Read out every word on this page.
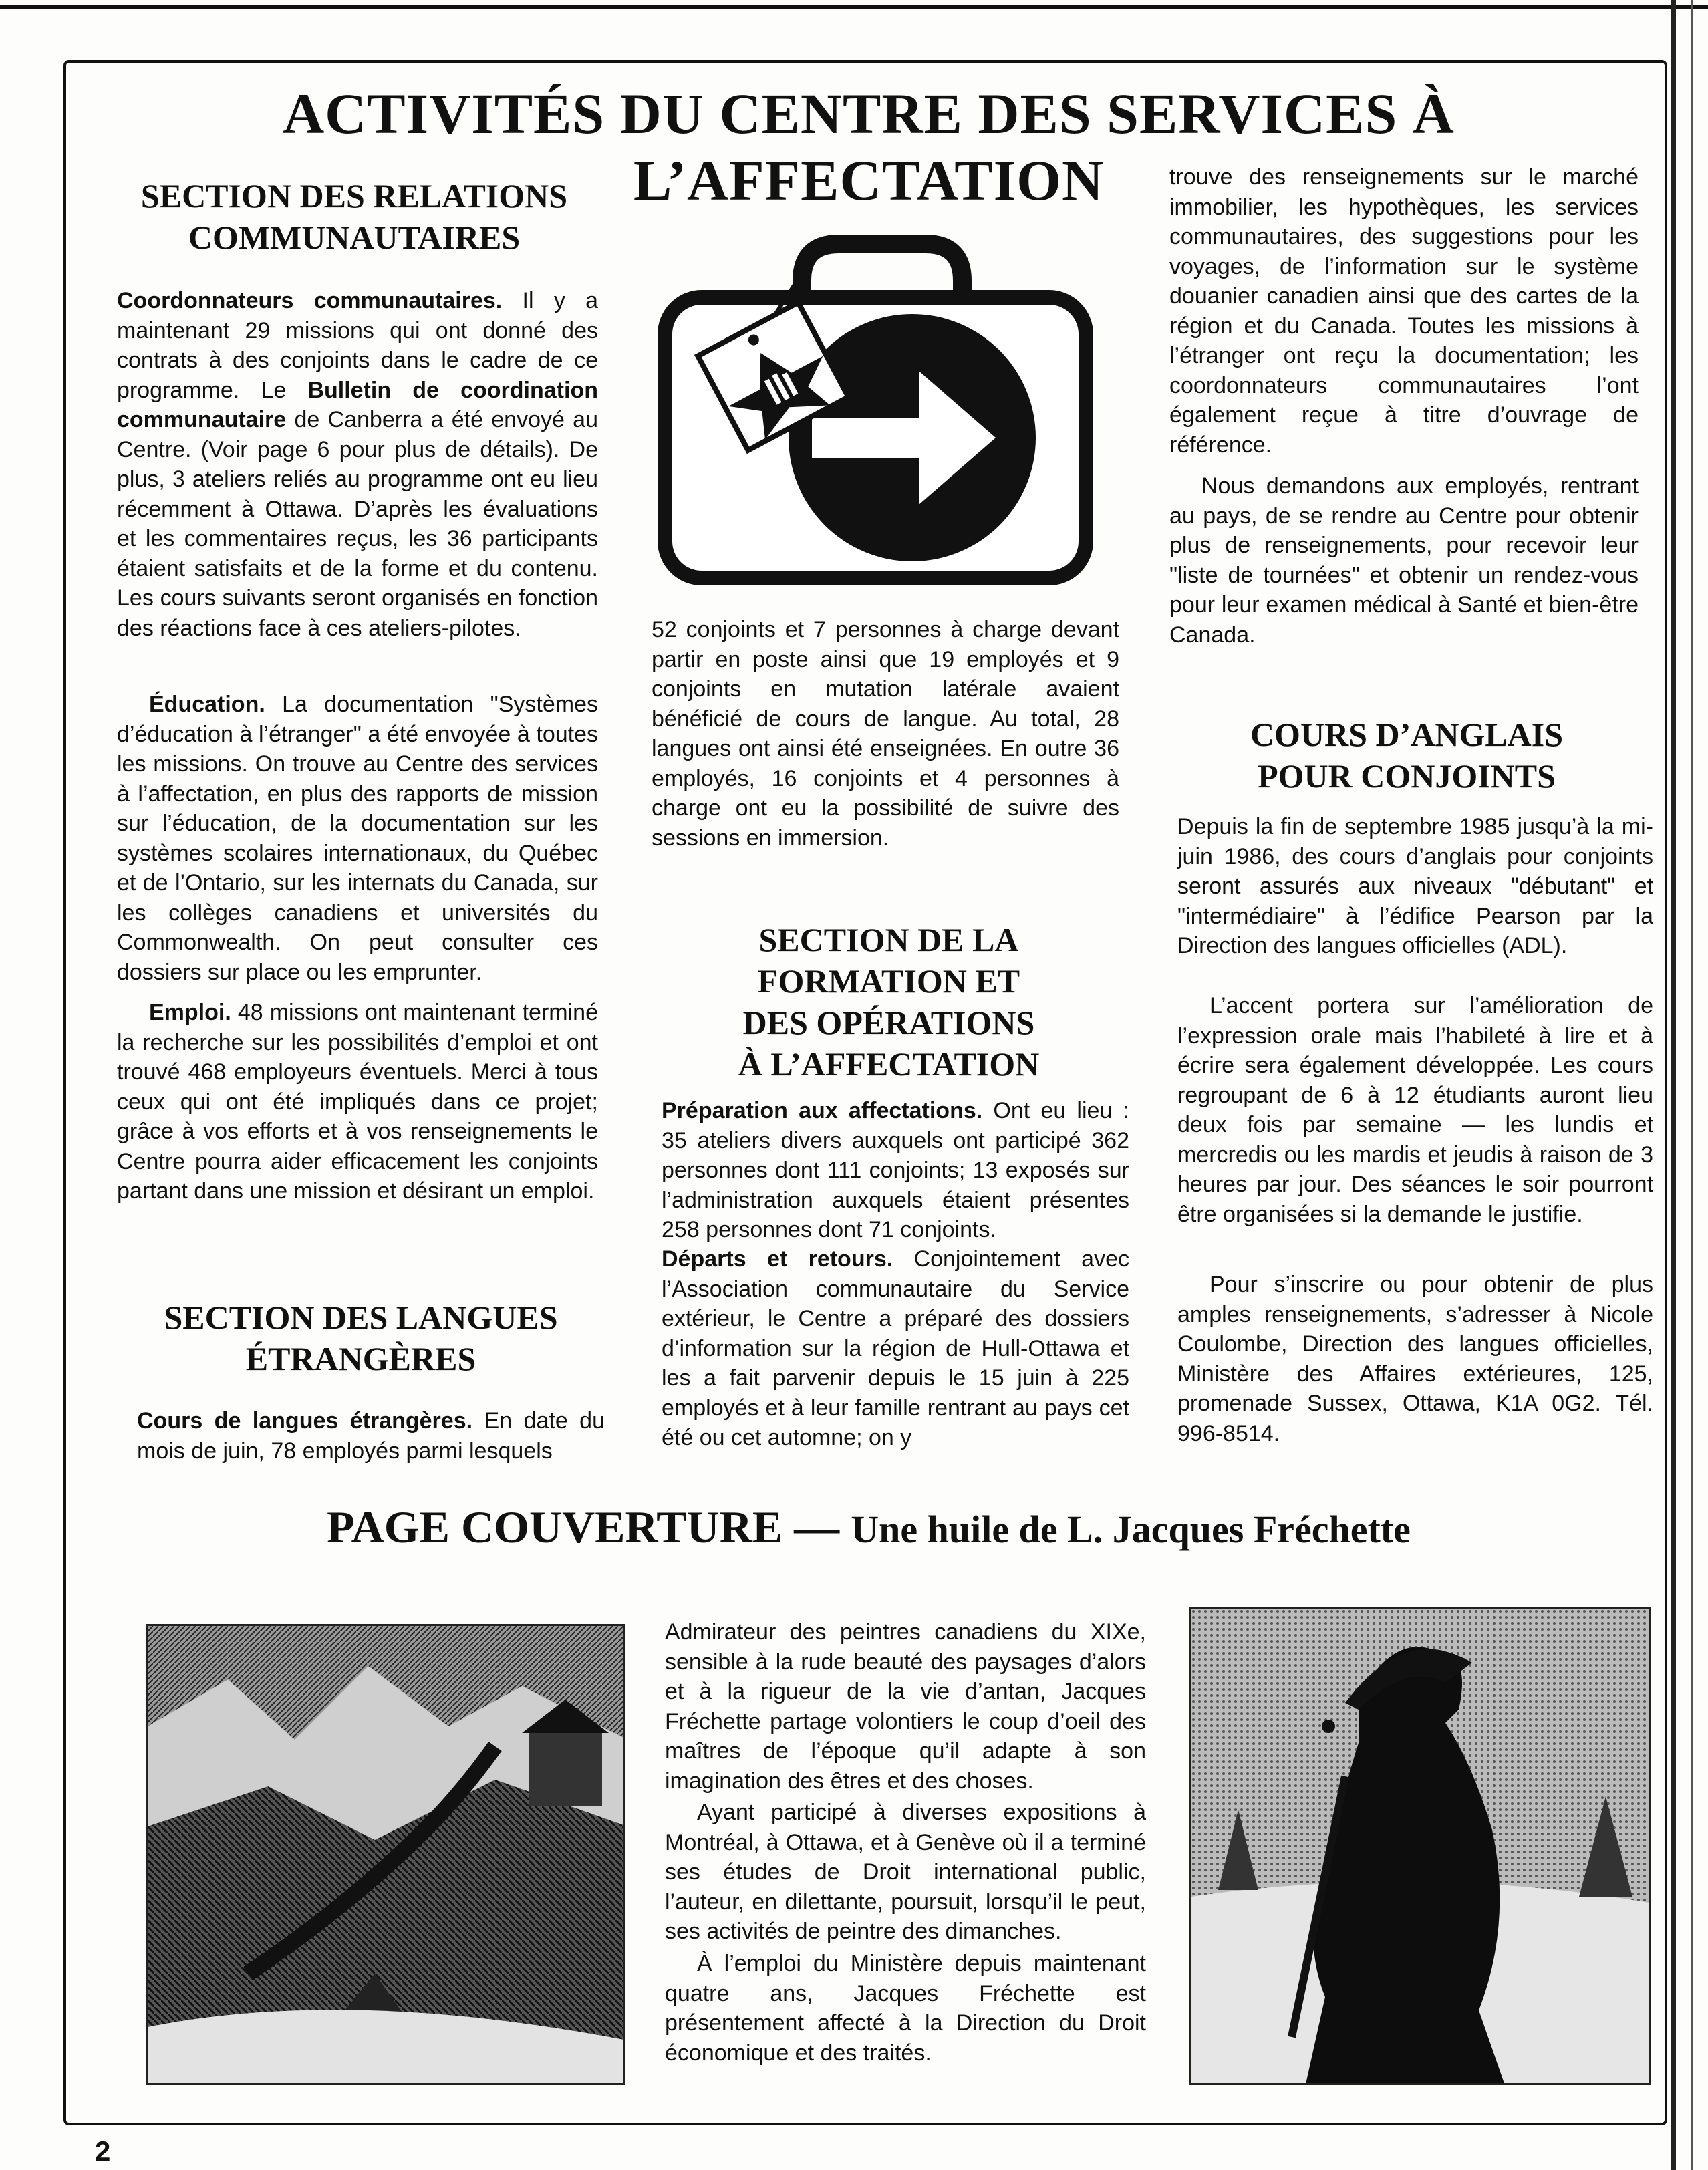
ACTIVITÉS DU CENTRE DES SERVICES À L’AFFECTATION
SECTION DES RELATIONS
COMMUNAUTAIRES

Coordonnateurs communautaires. Il y a maintenant 29 missions qui ont donné des contrats à des conjoints dans le cadre de ce programme. Le Bulletin de coordination communautaire de Canberra a été envoyé au Centre. (Voir page 6 pour plus de détails). De plus, 3 ateliers reliés au programme ont eu lieu récemment à Ottawa. D’après les évaluations et les commentaires reçus, les 36 participants étaient satisfaits et de la forme et du contenu. Les cours suivants seront organisés en fonction des réactions face à ces ateliers-pilotes.

Éducation. La documentation "Systèmes d’éducation à l’étranger" a été envoyée à toutes les missions. On trouve au Centre des services à l’affectation, en plus des rapports de mission sur l’éducation, de la documentation sur les systèmes scolaires internationaux, du Québec et de l’Ontario, sur les internats du Canada, sur les collèges canadiens et universités du Commonwealth. On peut consulter ces dossiers sur place ou les emprunter.

Emploi. 48 missions ont maintenant terminé la recherche sur les possibilités d’emploi et ont trouvé 468 employeurs éventuels. Merci à tous ceux qui ont été impliqués dans ce projet; grâce à vos efforts et à vos renseignements le Centre pourra aider efficacement les conjoints partant dans une mission et désirant un emploi.

SECTION DES LANGUES
ÉTRANGÈRES

Cours de langues étrangères. En date du mois de juin, 78 employés parmi lesquels

52 conjoints et 7 personnes à charge devant partir en poste ainsi que 19 employés et 9 conjoints en mutation latérale avaient bénéficié de cours de langue. Au total, 28 langues ont ainsi été enseignées. En outre 36 employés, 16 conjoints et 4 personnes à charge ont eu la possibilité de suivre des sessions en immersion.

SECTION DE LA
FORMATION ET
DES OPÉRATIONS
À L’AFFECTATION

Préparation aux affectations. Ont eu lieu : 35 ateliers divers auxquels ont participé 362 personnes dont 111 conjoints; 13 exposés sur l’administration auxquels étaient présentes 258 personnes dont 71 conjoints.

Départs et retours. Conjointement avec l’Association communautaire du Service extérieur, le Centre a préparé des dossiers d’information sur la région de Hull-Ottawa et les a fait parvenir depuis le 15 juin à 225 employés et à leur famille rentrant au pays cet été ou cet automne; on y

trouve des renseignements sur le marché immobilier, les hypothèques, les services communautaires, des suggestions pour les voyages, de l’information sur le système douanier canadien ainsi que des cartes de la région et du Canada. Toutes les missions à l’étranger ont reçu la documentation; les coordonnateurs communautaires l’ont également reçue à titre d’ouvrage de référence.

Nous demandons aux employés, rentrant au pays, de se rendre au Centre pour obtenir plus de renseignements, pour recevoir leur "liste de tournées" et obtenir un rendez-vous pour leur examen médical à Santé et bien-être Canada.

COURS D’ANGLAIS
POUR CONJOINTS

Depuis la fin de septembre 1985 jusqu’à la mi-juin 1986, des cours d’anglais pour conjoints seront assurés aux niveaux "débutant" et "intermédiaire" à l’édifice Pearson par la Direction des langues officielles (ADL).

L’accent portera sur l’amélioration de l’expression orale mais l’habileté à lire et à écrire sera également développée. Les cours regroupant de 6 à 12 étudiants auront lieu deux fois par semaine — les lundis et mercredis ou les mardis et jeudis à raison de 3 heures par jour. Des séances le soir pourront être organisées si la demande le justifie.

Pour s’inscrire ou pour obtenir de plus amples renseignements, s’adresser à Nicole Coulombe, Direction des langues officielles, Ministère des Affaires extérieures, 125, promenade Sussex, Ottawa, K1A 0G2. Tél. 996-8514.

PAGE COUVERTURE — Une huile de L. Jacques Fréchette

Admirateur des peintres canadiens du XIXe, sensible à la rude beauté des paysages d’alors et à la rigueur de la vie d’antan, Jacques Fréchette partage volontiers le coup d’oeil des maîtres de l’époque qu’il adapte à son imagination des êtres et des choses.

Ayant participé à diverses expositions à Montréal, à Ottawa, et à Genève où il a terminé ses études de Droit international public, l’auteur, en dilettante, poursuit, lorsqu’il le peut, ses activités de peintre des dimanches.

À l’emploi du Ministère depuis maintenant quatre ans, Jacques Fréchette est présentement affecté à la Direction du Droit économique et des traités.

2
